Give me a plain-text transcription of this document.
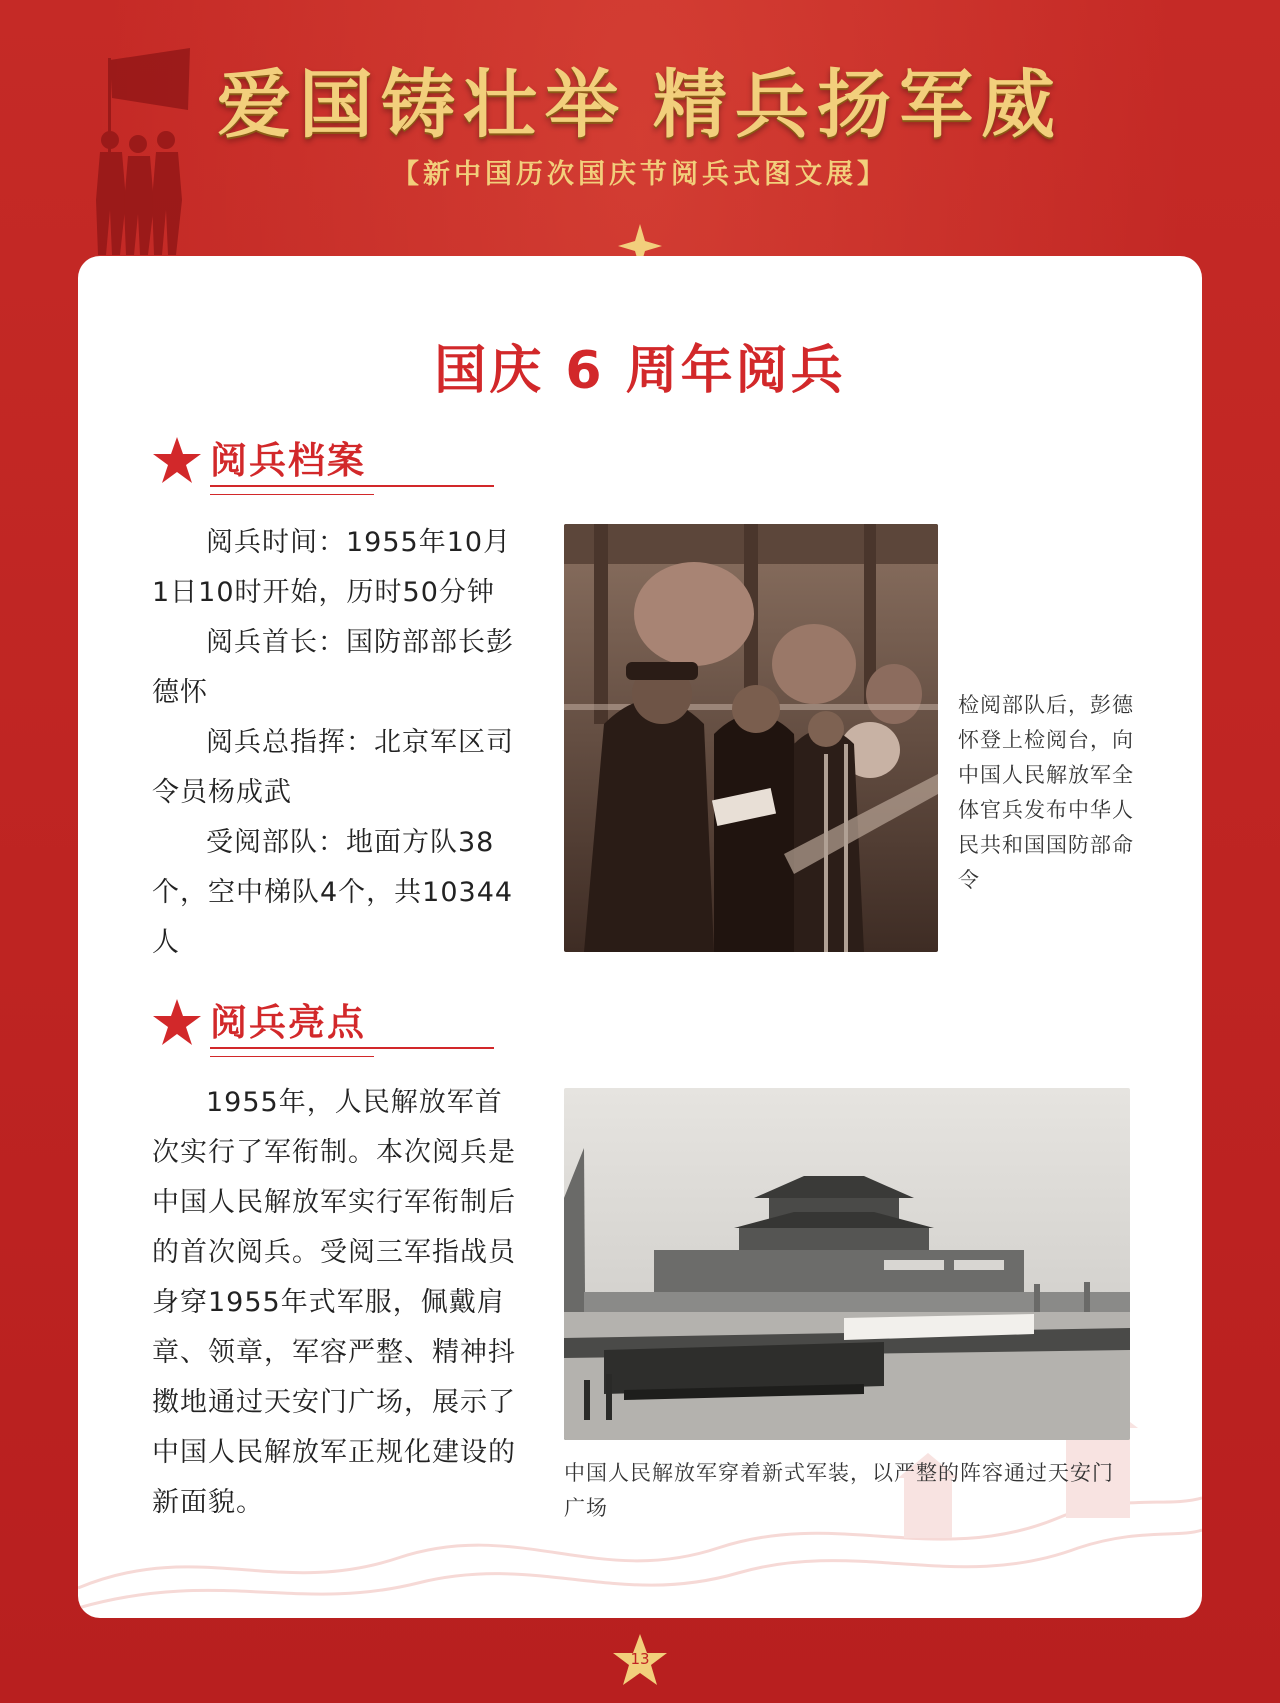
爱国铸壮举 精兵扬军威
【新中国历次国庆节阅兵式图文展】
国庆 6 周年阅兵
阅兵档案

阅兵时间：1955年10月1日10时开始，历时50分钟

阅兵首长：国防部部长彭德怀

阅兵总指挥：北京军区司令员杨成武

受阅部队：地面方队38个，空中梯队4个，共10344人

检阅部队后，彭德怀登上检阅台，向中国人民解放军全体官兵发布中华人民共和国国防部命令
阅兵亮点

1955年，人民解放军首次实行了军衔制。本次阅兵是中国人民解放军实行军衔制后的首次阅兵。受阅三军指战员身穿1955年式军服，佩戴肩章、领章，军容严整、精神抖擞地通过天安门广场，展示了中国人民解放军正规化建设的新面貌。

中国人民解放军穿着新式军装，以严整的阵容通过天安门广场
13
